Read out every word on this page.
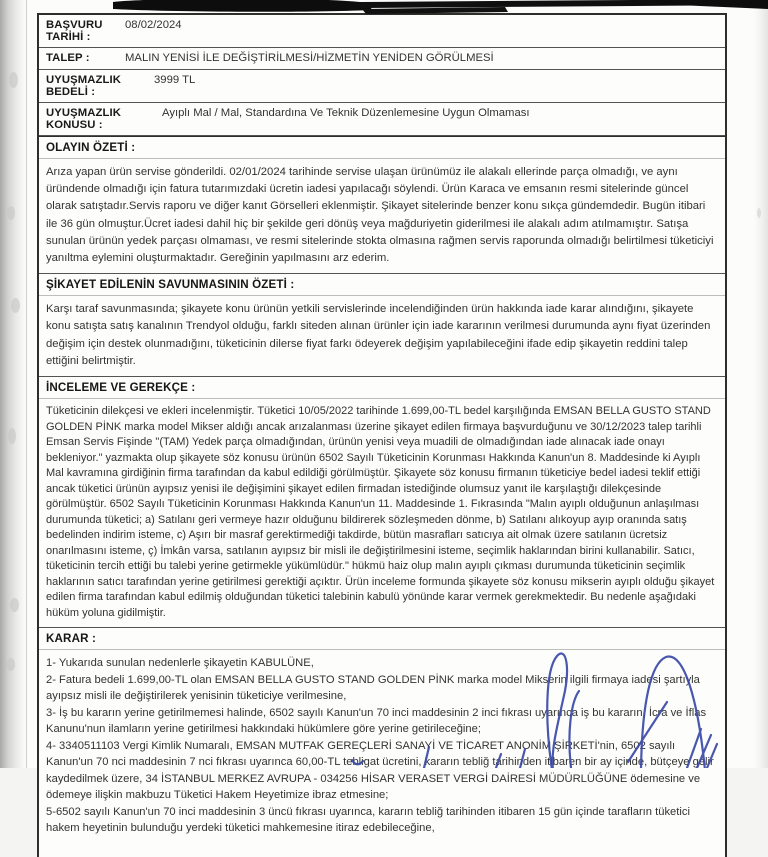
BAŞVURU TARİHİ :
08/02/2024
TALEP :	MALIN YENİSİ İLE DEĞİŞTİRİLMESİ/HİZMETİN YENİDEN GÖRÜLMESİ
UYUŞMAZLIK BEDELİ :
3999 TL
UYUŞMAZLIK KONUSU :
Ayıplı Mal / Mal, Standardına Ve Teknik Düzenlemesine Uygun Olmaması
OLAYIN ÖZETİ :

Arıza yapan ürün servise gönderildi. 02/01/2024 tarihinde servise ulaşan ürünümüz ile alakalı ellerinde parça olmadığı, ve aynı üründende olmadığı için fatura tutarımızdaki ücretin iadesi yapılacağı söylendi. Ürün Karaca ve emsanın resmi sitelerinde güncel olarak satıştadır.Servis raporu ve diğer kanıt Görselleri eklenmiştir. Şikayet sitelerinde benzer konu sıkça gündemdedir. Bugün itibari ile 36 gün olmuştur.Ücret iadesi dahil hiç bir şekilde geri dönüş veya mağduriyetin giderilmesi ile alakalı adım atılmamıştır. Satışa sunulan ürünün yedek parçası olmaması, ve resmi sitelerinde stokta olmasına rağmen servis raporunda olmadığı belirtilmesi tüketiciyi yanıltma eylemini oluşturmaktadır. Gereğinin yapılmasını arz ederim.

ŞİKAYET EDİLENİN SAVUNMASININ ÖZETİ :

Karşı taraf savunmasında; şikayete konu ürünün yetkili servislerinde incelendiğinden ürün hakkında iade karar alındığını, şikayete konu satışta satış kanalının Trendyol olduğu, farklı siteden alınan ürünler için iade kararının verilmesi durumunda aynı fiyat üzerinden değişim için destek olunmadığını, tüketicinin dilerse fiyat farkı ödeyerek değişim yapılabileceğini ifade edip şikayetin reddini talep ettiğini belirtmiştir.

İNCELEME VE GEREKÇE :

Tüketicinin dilekçesi ve ekleri incelenmiştir. Tüketici 10/05/2022 tarihinde 1.699,00-TL bedel karşılığında EMSAN BELLA GUSTO STAND GOLDEN PİNK marka model Mikser aldığı ancak arızalanması üzerine şikayet edilen firmaya başvurduğunu ve 30/12/2023 talep tarihli Emsan Servis Fişinde "(TAM) Yedek parça olmadığından, ürünün yenisi veya muadili de olmadığından iade alınacak iade onayı bekleniyor." yazmakta olup şikayete söz konusu ürünün 6502 Sayılı Tüketicinin Korunması Hakkında Kanun'un 8. Maddesinde ki Ayıplı Mal kavramına girdiğinin firma tarafından da kabul edildiği görülmüştür. Şikayete söz konusu firmanın tüketiciye bedel iadesi teklif ettiği ancak tüketici ürünün ayıpsız yenisi ile değişimini şikayet edilen firmadan istediğinde olumsuz yanıt ile karşılaştığı dilekçesinde görülmüştür. 6502 Sayılı Tüketicinin Korunması Hakkında Kanun'un 11. Maddesinde 1. Fıkrasında "Malın ayıplı olduğunun anlaşılması durumunda tüketici; a) Satılanı geri vermeye hazır olduğunu bildirerek sözleşmeden dönme, b) Satılanı alıkoyup ayıp oranında satış bedelinden indirim isteme, c) Aşırı bir masraf gerektirmediği takdirde, bütün masrafları satıcıya ait olmak üzere satılanın ücretsiz onarılmasını isteme, ç) İmkân varsa, satılanın ayıpsız bir misli ile değiştirilmesini isteme, seçimlik haklarından birini kullanabilir. Satıcı, tüketicinin tercih ettiği bu talebi yerine getirmekle yükümlüdür." hükmü haiz olup malın ayıplı çıkması durumunda tüketicinin seçimlik haklarının satıcı tarafından yerine getirilmesi gerektiği açıktır. Ürün inceleme formunda şikayete söz konusu mikserin ayıplı olduğu şikayet edilen firma tarafından kabul edilmiş olduğundan tüketici talebinin kabulü yönünde karar vermek gerekmektedir. Bu nedenle aşağıdaki hüküm yoluna gidilmiştir.

KARAR :

1- Yukarıda sunulan nedenlerle şikayetin KABULÜNE,

2- Fatura bedeli 1.699,00-TL olan EMSAN BELLA GUSTO STAND GOLDEN PİNK marka model Mikserin ilgili firmaya iadesi şartıyla ayıpsız misli ile değiştirilerek yenisinin tüketiciye verilmesine,

3- İş bu kararın yerine getirilmemesi halinde, 6502 sayılı Kanun'un 70 inci maddesinin 2 inci fıkrası uyarınca iş bu kararın, İcra ve İflas Kanunu'nun ilamların yerine getirilmesi hakkındaki hükümlere göre yerine getirileceğine;

4- 3340511103 Vergi Kimlik Numaralı, EMSAN MUTFAK GEREÇLERİ SANAYİ VE TİCARET ANONİM ŞİRKETİ'nin, 6502 sayılı Kanun'un 70 nci maddesinin 7 nci fıkrası uyarınca 60,00-TL tebligat ücretini, kararın tebliğ tarihinden itibaren bir ay içinde, bütçeye gelir kaydedilmek üzere, 34 İSTANBUL MERKEZ AVRUPA - 034256 HİSAR VERASET VERGİ DAİRESİ MÜDÜRLÜĞÜNE ödemesine ve ödemeye ilişkin makbuzu Tüketici Hakem Heyetimize ibraz etmesine;

5-6502 sayılı Kanun'un 70 inci maddesinin 3 üncü fıkrası uyarınca, kararın tebliğ tarihinden itibaren 15 gün içinde tarafların tüketici hakem heyetinin bulunduğu yerdeki tüketici mahkemesine itiraz edebileceğine,
